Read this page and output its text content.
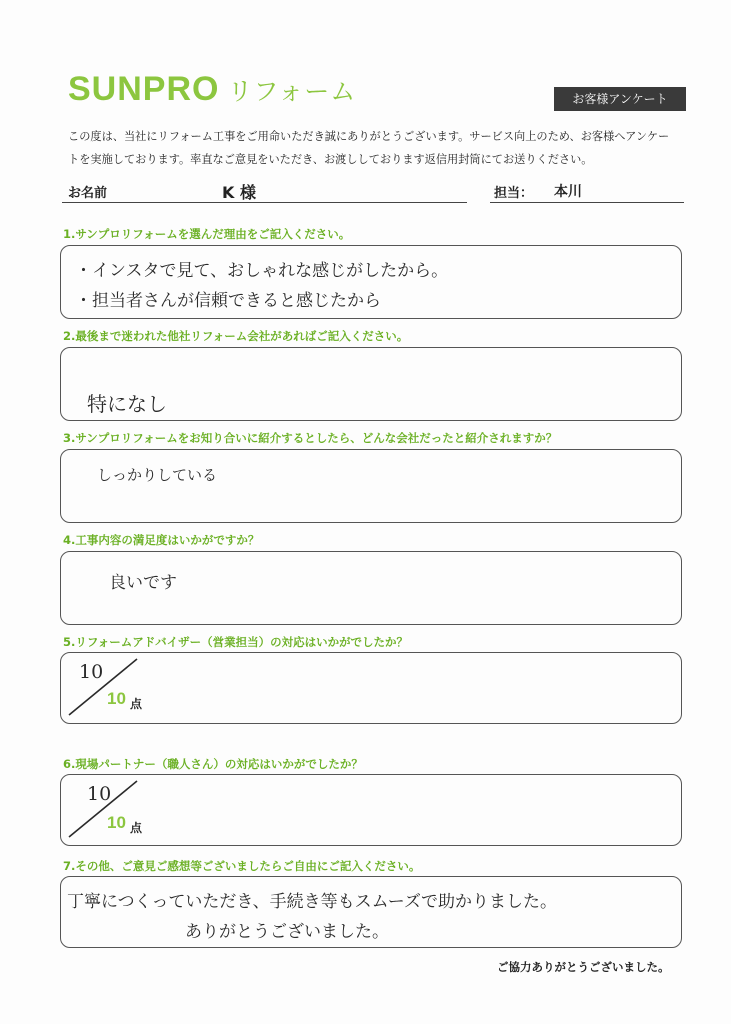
SUNPRO リフォーム	お客様アンケート
この度は、当社にリフォーム工事をご用命いただき誠にありがとうございます。サービス向上のため、お客様へアンケー
トを実施しております。率直なご意見をいただき、お渡ししております返信用封筒にてお送りください。
お名前	K 様	担当： 本川
1.サンプロリフォームを選んだ理由をご記入ください。
・インスタで見て、おしゃれな感じがしたから。
・担当者さんが信頼できると感じたから
2.最後まで迷われた他社リフォーム会社があればご記入ください。
特になし
3.サンプロリフォームをお知り合いに紹介するとしたら、どんな会社だったと紹介されますか？
しっかりしている
4.工事内容の満足度はいかがですか？
良いです
5.リフォームアドバイザー（営業担当）の対応はいかがでしたか？
10
10 点
6.現場パートナー（職人さん）の対応はいかがでしたか？
10
10 点
7.その他、ご意見ご感想等ございましたらご自由にご記入ください。
丁寧につくっていただき、手続き等もスムーズで助かりました。
ありがとうございました。
ご協力ありがとうございました。
